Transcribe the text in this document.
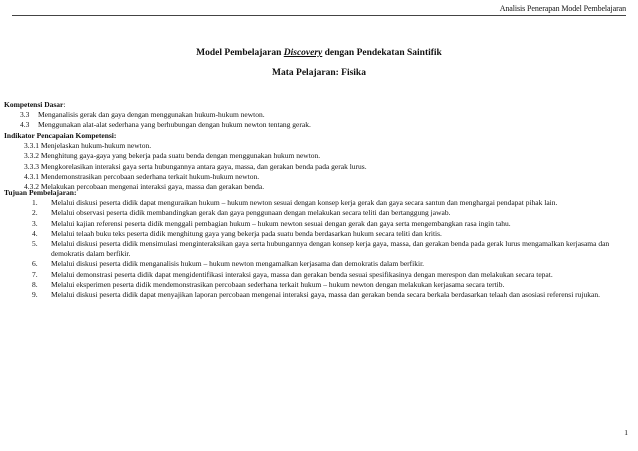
Analisis Penerapan Model Pembelajaran
Model Pembelajaran Discovery dengan Pendekatan Saintifik
Mata Pelajaran: Fisika
Kompetensi Dasar:
3.3 Menganalisis gerak dan gaya dengan menggunakan hukum-hukum newton.
4.3 Menggunakan alat-alat sederhana yang berhubungan dengan hukum newton tentang gerak.
Indikator Pencapaian Kompetensi:
3.3.1 Menjelaskan hukum-hukum newton.
3.3.2 Menghitung gaya-gaya yang bekerja pada suatu benda dengan menggunakan hukum newton.
3.3.3 Mengkorelasikan interaksi gaya serta hubungannya antara gaya, massa, dan gerakan benda pada gerak lurus.
4.3.1 Mendemonstrasikan percobaan sederhana terkait hukum-hukum newton.
4.3.2 Melakukan percobaan mengenai interaksi gaya, massa dan gerakan benda.
Tujuan Pembelajaran:
1. Melalui diskusi peserta didik dapat menguraikan hukum – hukum newton sesuai dengan konsep kerja gerak dan gaya secara santun dan menghargai pendapat pihak lain.
2. Melalui observasi peserta didik membandingkan gerak dan gaya penggunaan dengan melakukan secara teliti dan bertanggung jawab.
3. Melalui kajian referensi peserta didik menggali pembagian hukum – hukum newton sesuai dengan gerak dan gaya serta mengembangkan rasa ingin tahu.
4. Melalui telaah buku teks peserta didik menghitung gaya yang bekerja pada suatu benda berdasarkan hukum secara teliti dan kritis.
5. Melalui diskusi peserta didik mensimulasi menginteraksikan gaya serta hubungannya dengan konsep kerja gaya, massa, dan gerakan benda pada gerak lurus mengamalkan kerjasama dan demokratis dalam berfikir.
6. Melalui diskusi peserta didik menganalisis hukum – hukum newton mengamalkan kerjasama dan demokratis dalam berfikir.
7. Melalui demonstrasi peserta didik dapat mengidentifikasi interaksi gaya, massa dan gerakan benda sesuai spesifikasinya dengan merespon dan melakukan secara tepat.
8. Melalui eksperimen peserta didik mendemonstrasikan percobaan sederhana terkait hukum – hukum newton dengan melakukan kerjasama secara tertib.
9. Melalui diskusi peserta didik dapat menyajikan laporan percobaan mengenai interaksi gaya, massa dan gerakan benda secara berkala berdasarkan telaah dan asosiasi referensi rujukan.
1
